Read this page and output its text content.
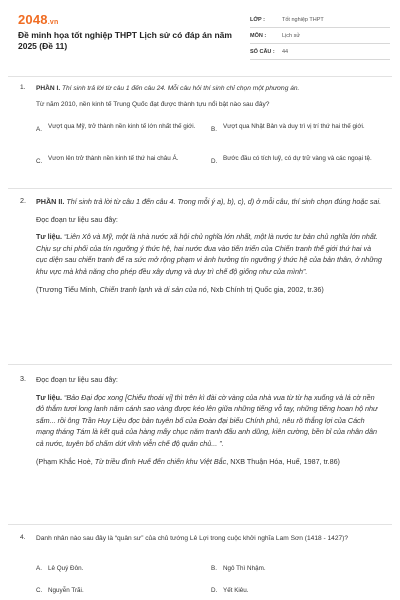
2048.vn
Đề minh họa tốt nghiệp THPT Lịch sử có đáp án năm 2025 (Đề 11)
LỚP :	Tốt nghiệp THPT
MÔN :	Lịch sử
SỐ CÂU :	44
1. PHẦN I. Thí sinh trả lời từ câu 1 đến câu 24. Mỗi câu hỏi thí sinh chỉ chọn một phương án.
Từ năm 2010, nền kinh tế Trung Quốc đạt được thành tựu nổi bật nào sau đây?
A. Vượt qua Mỹ, trở thành nền kinh tế lớn nhất thế giới.	B. Vượt qua Nhật Bản và duy trì vị trí thứ hai thế giới.
C. Vươn lên trở thành nền kinh tế thứ hai châu Á.	D. Bước đầu có tích luỹ, có dự trữ vàng và các ngoại tệ.
2. PHẦN II. Thí sinh trả lời từ câu 1 đến câu 4. Trong mỗi ý a), b), c), d) ở mỗi câu, thí sinh chọn đúng hoặc sai.
Đọc đoạn tư liệu sau đây:
Tư liệu. “Liên Xô và Mỹ, một là nhà nước xã hội chủ nghĩa lớn nhất, một là nước tư bản chủ nghĩa lớn nhất. Chịu sự chi phối của tín ngưỡng ý thức hệ, hai nước đua vào tiến triển của Chiến tranh thế giới thứ hai và cục diện sau chiến tranh để ra sức mở rộng phạm vi ảnh hưởng tín ngưỡng ý thức hệ của bản thân, ở những khu vực mà khả năng cho phép đều xây dựng và duy trì chế độ giống như của mình”.
(Trương Tiểu Minh, Chiến tranh lạnh và di sản của nó, Nxb Chính trị Quốc gia, 2002, tr.36)
3. Đọc đoạn tư liệu sau đây:
Tư liệu. “Bảo Đại đọc xong [Chiếu thoái vị] thì trên kì đài cờ vàng của nhà vua từ từ hạ xuống và lá cờ nền đỏ thắm tươi long lanh năm cánh sao vàng được kéo lên giữa những tiếng vỗ tay, những tiếng hoan hộ như sấm... rồi ông Trần Huy Liệu đọc bản tuyên bố của Đoàn đại biểu Chính phủ, nêu rõ thắng lợi của Cách mạng tháng Tám là kết quả của hàng mấy chục năm tranh đấu anh dũng, kiên cường, bền bỉ của nhân dân cả nước, tuyên bố chấm dứt vĩnh viễn chế độ quân chủ... ”.
(Phạm Khắc Hoè, Từ triều đình Huế đến chiến khu Việt Bắc, NXB Thuận Hóa, Huế, 1987, tr.86)
4. Danh nhân nào sau đây là “quân sư” của chủ tướng Lê Lợi trong cuộc khởi nghĩa Lam Sơn (1418 - 1427)?
A. Lê Quý Đôn.	B. Ngô Thì Nhậm.
C. Nguyễn Trãi.	D. Yết Kiêu.
